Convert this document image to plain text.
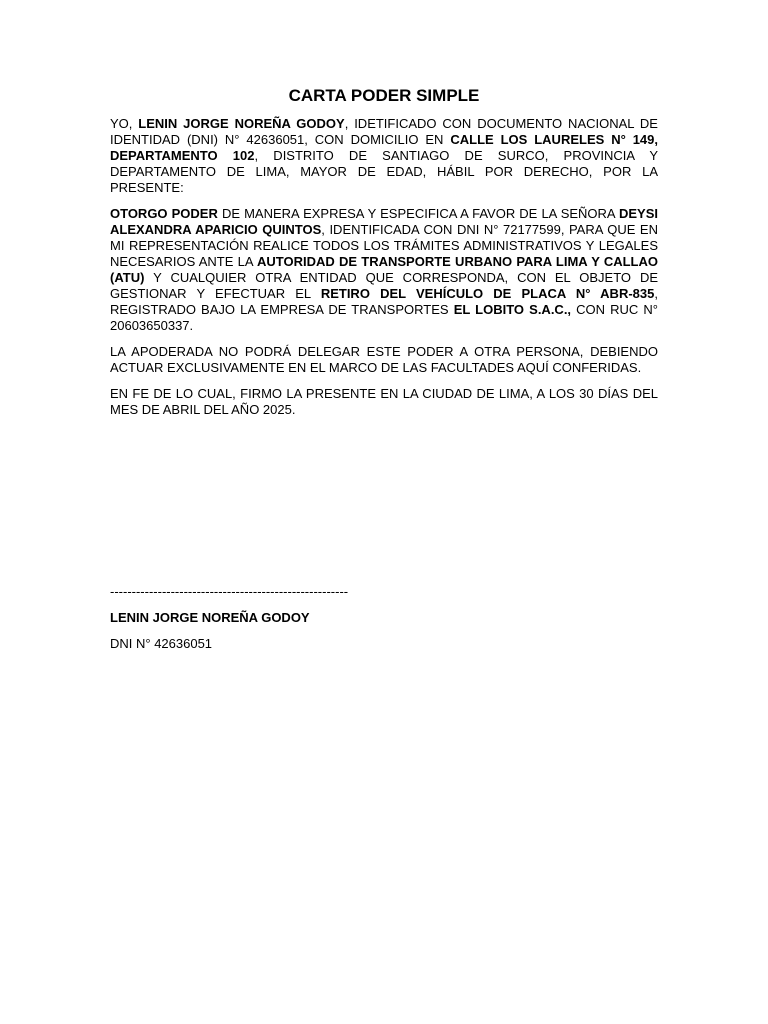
CARTA PODER SIMPLE

YO, LENIN JORGE NOREÑA GODOY, IDETIFICADO CON DOCUMENTO NACIONAL DE IDENTIDAD (DNI) N° 42636051, CON DOMICILIO EN CALLE LOS LAURELES N° 149, DEPARTAMENTO 102, DISTRITO DE SANTIAGO DE SURCO, PROVINCIA Y DEPARTAMENTO DE LIMA, MAYOR DE EDAD, HÁBIL POR DERECHO, POR LA PRESENTE:

OTORGO PODER DE MANERA EXPRESA Y ESPECIFICA A FAVOR DE LA SEÑORA DEYSI ALEXANDRA APARICIO QUINTOS, IDENTIFICADA CON DNI N° 72177599, PARA QUE EN MI REPRESENTACIÓN REALICE TODOS LOS TRÁMITES ADMINISTRATIVOS Y LEGALES NECESARIOS ANTE LA AUTORIDAD DE TRANSPORTE URBANO PARA LIMA Y CALLAO (ATU) Y CUALQUIER OTRA ENTIDAD QUE CORRESPONDA, CON EL OBJETO DE GESTIONAR Y EFECTUAR EL RETIRO DEL VEHÍCULO DE PLACA N° ABR-835, REGISTRADO BAJO LA EMPRESA DE TRANSPORTES EL LOBITO S.A.C., CON RUC N° 20603650337.

LA APODERADA NO PODRÁ DELEGAR ESTE PODER A OTRA PERSONA, DEBIENDO ACTUAR EXCLUSIVAMENTE EN EL MARCO DE LAS FACULTADES AQUÍ CONFERIDAS.

EN FE DE LO CUAL, FIRMO LA PRESENTE EN LA CIUDAD DE LIMA, A LOS 30 DÍAS DEL MES DE ABRIL DEL AÑO 2025.

-------------------------------------------------------

LENIN JORGE NOREÑA GODOY

DNI N° 42636051
